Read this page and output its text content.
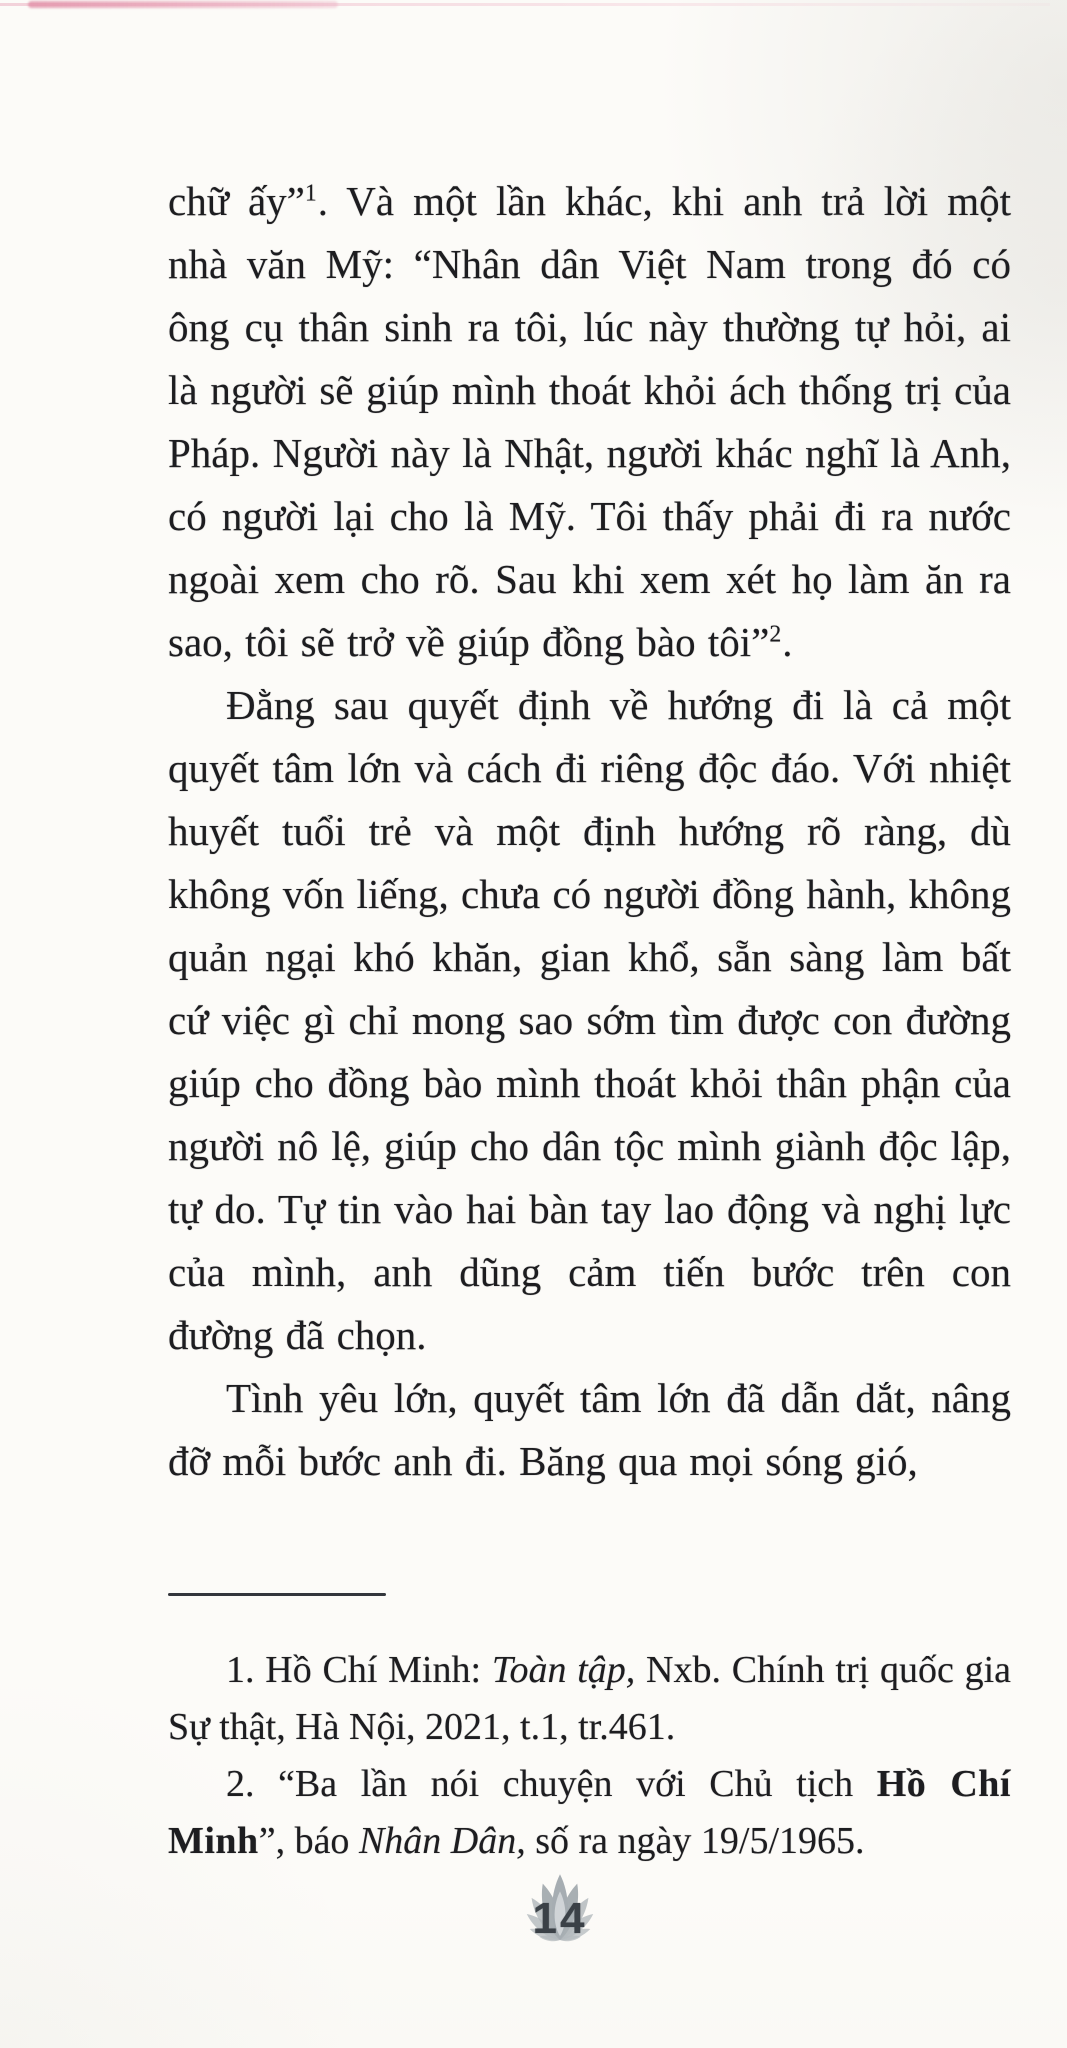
chữ ấy”$^1$. Và một lần khác, khi anh trả lời một nhà văn Mỹ: “Nhân dân Việt Nam trong đó có ông cụ thân sinh ra tôi, lúc này thường tự hỏi, ai là người sẽ giúp mình thoát khỏi ách thống trị của Pháp. Người này là Nhật, người khác nghĩ là Anh, có người lại cho là Mỹ. Tôi thấy phải đi ra nước ngoài xem cho rõ. Sau khi xem xét họ làm ăn ra sao, tôi sẽ trở về giúp đồng bào tôi”$^2$.

Đằng sau quyết định về hướng đi là cả một quyết tâm lớn và cách đi riêng độc đáo. Với nhiệt huyết tuổi trẻ và một định hướng rõ ràng, dù không vốn liếng, chưa có người đồng hành, không quản ngại khó khăn, gian khổ, sẵn sàng làm bất cứ việc gì chỉ mong sao sớm tìm được con đường giúp cho đồng bào mình thoát khỏi thân phận của người nô lệ, giúp cho dân tộc mình giành độc lập, tự do. Tự tin vào hai bàn tay lao động và nghị lực của mình, anh dũng cảm tiến bước trên con đường đã chọn.

Tình yêu lớn, quyết tâm lớn đã dẫn dắt, nâng đỡ mỗi bước anh đi. Băng qua mọi sóng gió,

1. Hồ Chí Minh: Toàn tập, Nxb. Chính trị quốc gia Sự thật, Hà Nội, 2021, t.1, tr.461.

2. “Ba lần nói chuyện với Chủ tịch Hồ Chí Minh”, báo Nhân Dân, số ra ngày 19/5/1965.

14
